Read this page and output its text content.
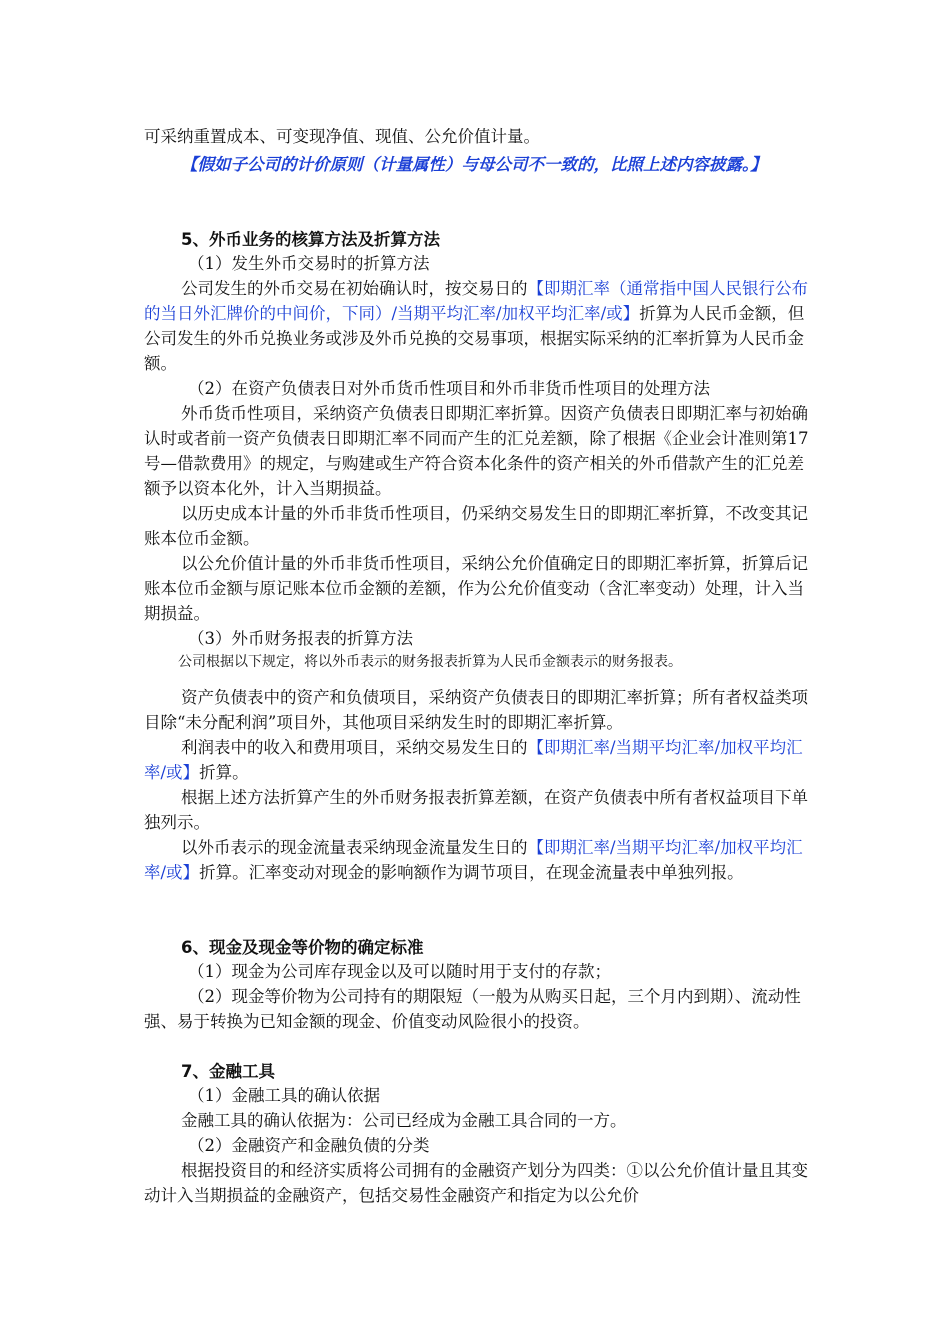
可采纳重置成本、可变现净值、现值、公允价值计量。

【假如子公司的计价原则（计量属性）与母公司不一致的，比照上述内容披露。】

5、外币业务的核算方法及折算方法

（1）发生外币交易时的折算方法

公司发生的外币交易在初始确认时，按交易日的【即期汇率（通常指中国人民银行公布的当日外汇牌价的中间价，下同）/当期平均汇率/加权平均汇率/或】折算为人民币金额，但公司发生的外币兑换业务或涉及外币兑换的交易事项，根据实际采纳的汇率折算为人民币金额。

（2）在资产负债表日对外币货币性项目和外币非货币性项目的处理方法

外币货币性项目，采纳资产负债表日即期汇率折算。因资产负债表日即期汇率与初始确认时或者前一资产负债表日即期汇率不同而产生的汇兑差额，除了根据《企业会计准则第17号—借款费用》的规定，与购建或生产符合资本化条件的资产相关的外币借款产生的汇兑差额予以资本化外，计入当期损益。

以历史成本计量的外币非货币性项目，仍采纳交易发生日的即期汇率折算，不改变其记账本位币金额。

以公允价值计量的外币非货币性项目，采纳公允价值确定日的即期汇率折算，折算后记账本位币金额与原记账本位币金额的差额，作为公允价值变动（含汇率变动）处理，计入当期损益。

（3）外币财务报表的折算方法

公司根据以下规定，将以外币表示的财务报表折算为人民币金额表示的财务报表。

资产负债表中的资产和负债项目，采纳资产负债表日的即期汇率折算；所有者权益类项目除“未分配利润”项目外，其他项目采纳发生时的即期汇率折算。

利润表中的收入和费用项目，采纳交易发生日的【即期汇率/当期平均汇率/加权平均汇率/或】折算。

根据上述方法折算产生的外币财务报表折算差额，在资产负债表中所有者权益项目下单独列示。

以外币表示的现金流量表采纳现金流量发生日的【即期汇率/当期平均汇率/加权平均汇率/或】折算。汇率变动对现金的影响额作为调节项目，在现金流量表中单独列报。

6、现金及现金等价物的确定标准

（1）现金为公司库存现金以及可以随时用于支付的存款；

（2）现金等价物为公司持有的期限短（一般为从购买日起，三个月内到期）、流动性强、易于转换为已知金额的现金、价值变动风险很小的投资。

7、金融工具

（1）金融工具的确认依据

金融工具的确认依据为：公司已经成为金融工具合同的一方。

（2）金融资产和金融负债的分类

根据投资目的和经济实质将公司拥有的金融资产划分为四类：①以公允价值计量且其变动计入当期损益的金融资产，包括交易性金融资产和指定为以公允价
